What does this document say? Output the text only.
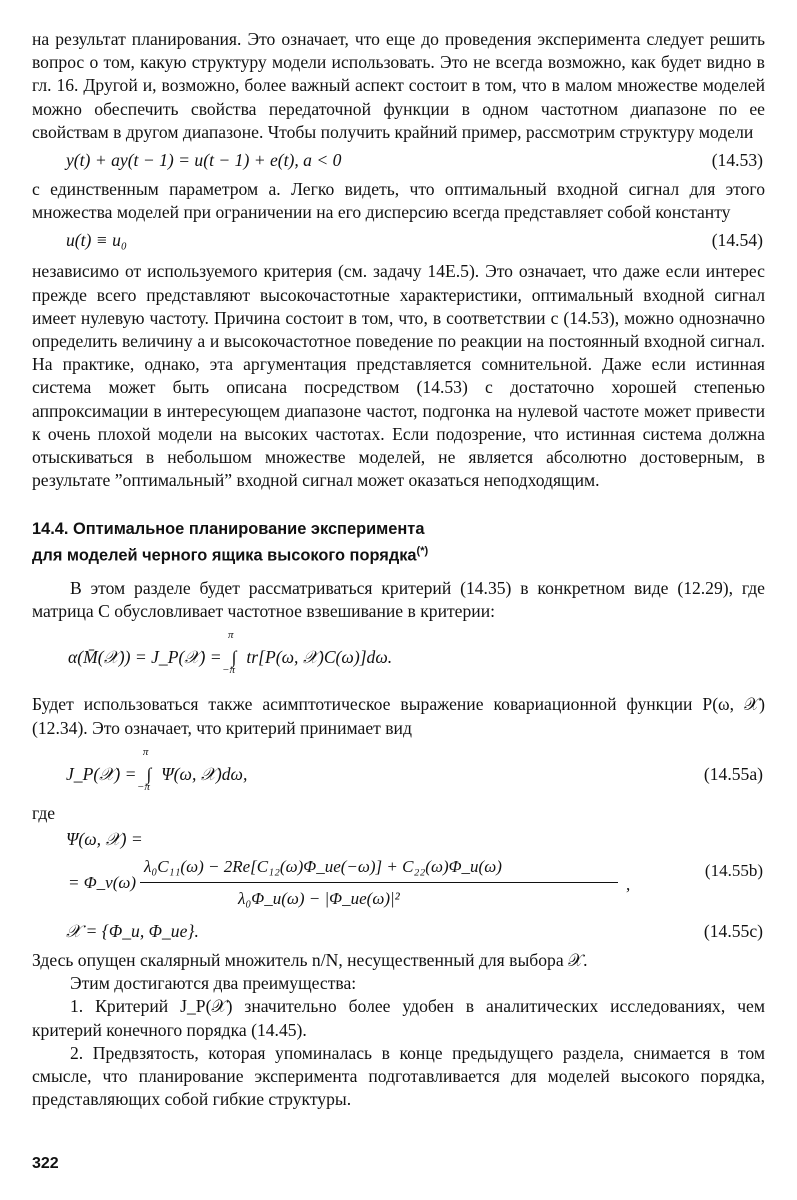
на результат планирования. Это означает, что еще до проведения эксперимента следует решить вопрос о том, какую структуру модели использовать. Это не всегда возможно, как будет видно в гл. 16. Другой и, возможно, более важный аспект состоит в том, что в малом множестве моделей можно обеспечить свойства передаточной функции в одном частотном диапазоне по ее свойствам в другом диапазоне. Чтобы получить крайний пример, рассмотрим структуру модели

y(t) + ay(t − 1) = u(t − 1) + e(t), a < 0	(14.53)

с единственным параметром a. Легко видеть, что оптимальный входной сигнал для этого множества моделей при ограничении на его дисперсию всегда представляет собой константу

u(t) ≡ u₀	(14.54)

независимо от используемого критерия (см. задачу 14Е.5). Это означает, что даже если интерес прежде всего представляют высокочастотные характеристики, оптимальный входной сигнал имеет нулевую частоту. Причина состоит в том, что, в соответствии с (14.53), можно однозначно определить величину a и высокочастотное поведение по реакции на постоянный входной сигнал. На практике, однако, эта аргументация представляется сомнительной. Даже если истинная система может быть описана посредством (14.53) с достаточно хорошей степенью аппроксимации в интересующем диапазоне частот, подгонка на нулевой частоте может привести к очень плохой модели на высоких частотах. Если подозрение, что истинная система должна отыскиваться в небольшом множестве моделей, не является абсолютно достоверным, в результате ”оптимальный” входной сигнал может оказаться неподходящим.

14.4. Оптимальное планирование эксперимента
для моделей черного ящика высокого порядка(*)

В этом разделе будет рассматриваться критерий (14.35) в конкретном виде (12.29), где матрица C обусловливает частотное взвешивание в критерии:

α(M̄(𝒳)) = J_P(𝒳) = ∫
π
−π
tr[P(ω, 𝒳)C(ω)]dω.

Будет использоваться также асимптотическое выражение ковариационной функции P(ω, 𝒳) (12.34). Это означает, что критерий принимает вид

J_P(𝒳) = ∫
π
−π
Ψ(ω, 𝒳)dω,	(14.55a)

где

Ψ(ω, 𝒳) =
= Φ_v(ω)
λ₀C₁₁(ω) − 2Re[C₁₂(ω)Φ_ue(−ω)] + C₂₂(ω)Φ_u(ω)
λ₀Φ_u(ω) − |Φ_ue(ω)|²
,
(14.55b)
𝒳 = {Φ_u, Φ_ue}.	(14.55c)

Здесь опущен скалярный множитель n/N, несущественный для выбора 𝒳.

Этим достигаются два преимущества:

1. Критерий J_P(𝒳) значительно более удобен в аналитических исследованиях, чем критерий конечного порядка (14.45).

2. Предвзятость, которая упоминалась в конце предыдущего раздела, снимается в том смысле, что планирование эксперимента подготавливается для моделей высокого порядка, представляющих собой гибкие структуры.

322
